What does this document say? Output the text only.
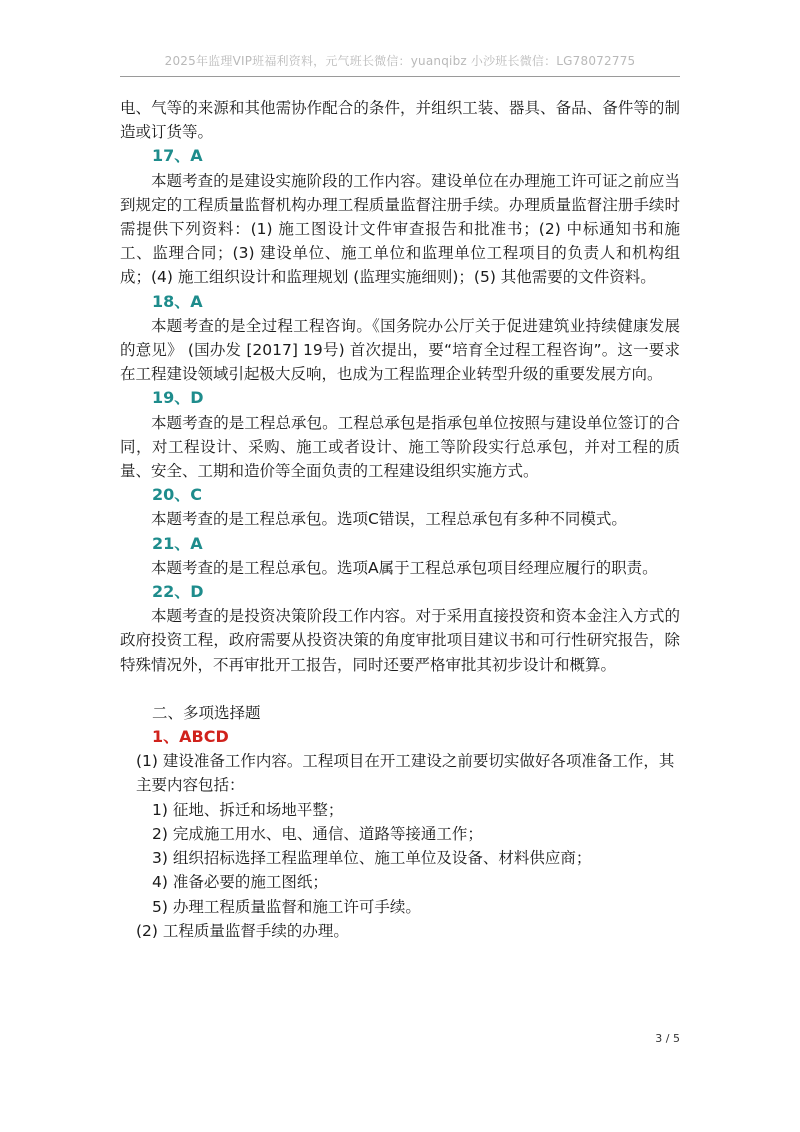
2025年监理VIP班福利资料，元气班长微信：yuanqibz 小沙班长微信：LG78072775

电、气等的来源和其他需协作配合的条件，并组织工装、器具、备品、备件等的制造或订货等。

17、A

本题考查的是建设实施阶段的工作内容。建设单位在办理施工许可证之前应当到规定的工程质量监督机构办理工程质量监督注册手续。办理质量监督注册手续时需提供下列资料：(1) 施工图设计文件审查报告和批准书；(2) 中标通知书和施工、监理合同；(3) 建设单位、施工单位和监理单位工程项目的负责人和机构组成；(4) 施工组织设计和监理规划 (监理实施细则)；(5) 其他需要的文件资料。

18、A

本题考查的是全过程工程咨询。《国务院办公厅关于促进建筑业持续健康发展的意见》 (国办发 [2017] 19号) 首次提出，要“培育全过程工程咨询”。这一要求在工程建设领域引起极大反响，也成为工程监理企业转型升级的重要发展方向。

19、D

本题考查的是工程总承包。工程总承包是指承包单位按照与建设单位签订的合同，对工程设计、采购、施工或者设计、施工等阶段实行总承包，并对工程的质量、安全、工期和造价等全面负责的工程建设组织实施方式。

20、C

本题考查的是工程总承包。选项C错误，工程总承包有多种不同模式。

21、A

本题考查的是工程总承包。选项A属于工程总承包项目经理应履行的职责。

22、D

本题考查的是投资决策阶段工作内容。对于采用直接投资和资本金注入方式的政府投资工程，政府需要从投资决策的角度审批项目建议书和可行性研究报告，除特殊情况外，不再审批开工报告，同时还要严格审批其初步设计和概算。

二、多项选择题

1、ABCD

(1) 建设准备工作内容。工程项目在开工建设之前要切实做好各项准备工作，其主要内容包括：

1) 征地、拆迁和场地平整；

2) 完成施工用水、电、通信、道路等接通工作；

3) 组织招标选择工程监理单位、施工单位及设备、材料供应商；

4) 准备必要的施工图纸；

5) 办理工程质量监督和施工许可手续。

(2) 工程质量监督手续的办理。

3 / 5
